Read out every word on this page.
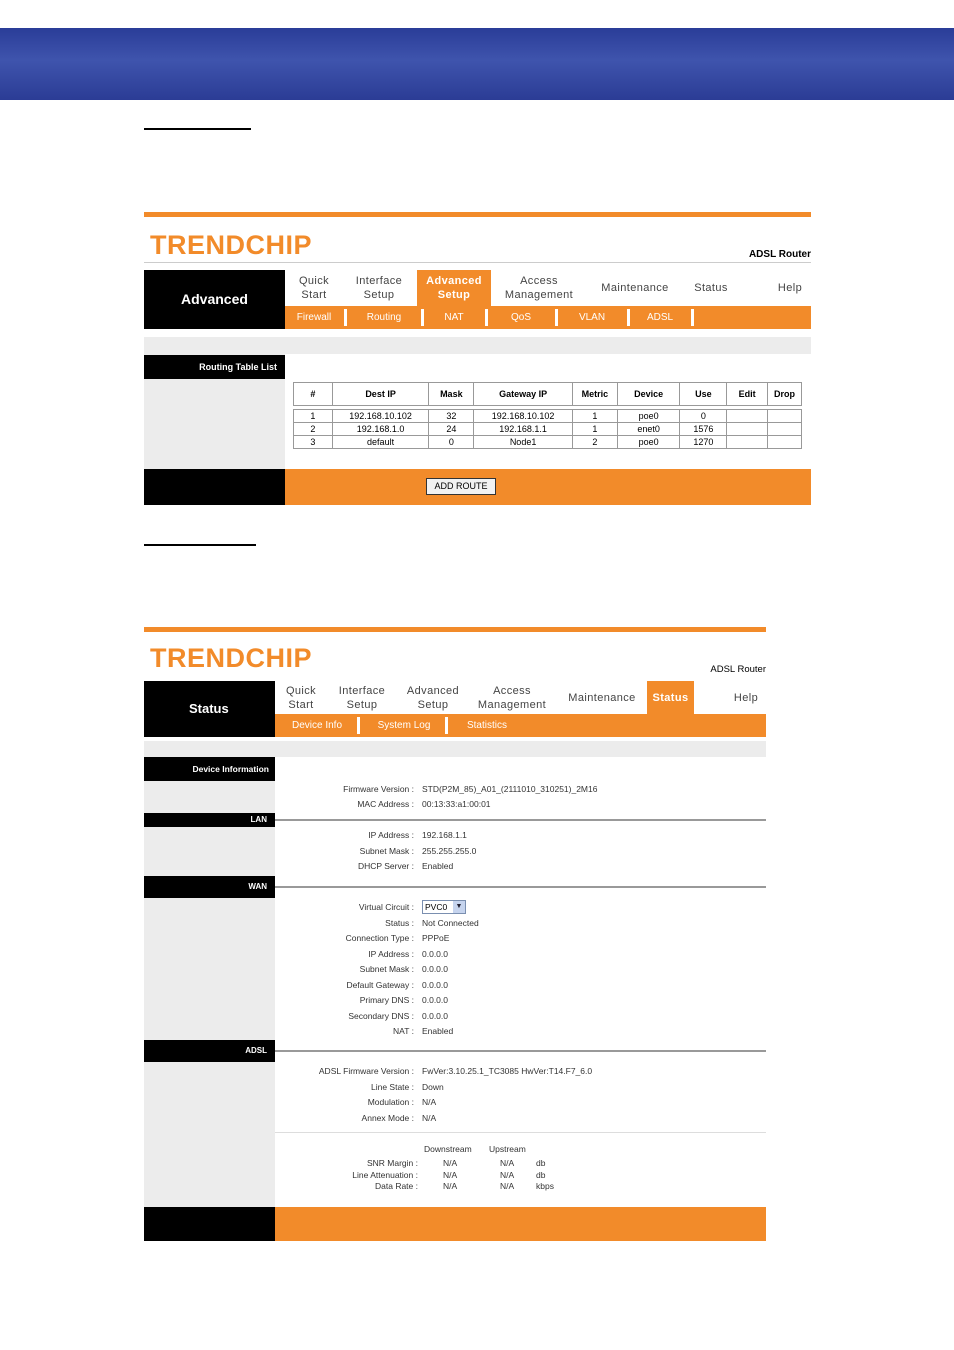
TRENDCHIP	ADSL Router
Advanced
Quick Start
Interface Setup
Advanced Setup
Access Management
Maintenance	Status	Help
Firewall	Routing	NAT	QoS	VLAN	ADSL
Routing Table List
#	Dest IP	Mask	Gateway IP	Metric	Device	Use	Edit	Drop

1	192.168.10.102	32	192.168.10.102	1	poe0	0		
2	192.168.1.0	24	192.168.1.1	1	enet0	1576		
3	default	0	Node1	2	poe0	1270		
ADD ROUTE
TRENDCHIP	ADSL Router
Status
Quick Start
Interface Setup
Advanced Setup
Access Management
Maintenance	Status	Help
Device Info	System Log	Statistics
Device Information
Firmware Version : STD(P2M_85)_A01_(2111010_310251)_2M16
MAC Address : 00:13:33:a1:00:01
LAN
IP Address : 192.168.1.1
Subnet Mask : 255.255.255.0
DHCP Server : Enabled
WAN
Virtual Circuit :	PVC0	▼
Status : Not Connected
Connection Type : PPPoE
IP Address : 0.0.0.0
Subnet Mask : 0.0.0.0
Default Gateway : 0.0.0.0
Primary DNS : 0.0.0.0
Secondary DNS : 0.0.0.0
NAT : Enabled
ADSL
ADSL Firmware Version : FwVer:3.10.25.1_TC3085 HwVer:T14.F7_6.0
Line State : Down
Modulation : N/A
Annex Mode : N/A
Downstream Upstream
SNR Margin :	N/A	N/A	db
Line Attenuation :	N/A	N/A	db
Data Rate :	N/A	N/A	kbps
